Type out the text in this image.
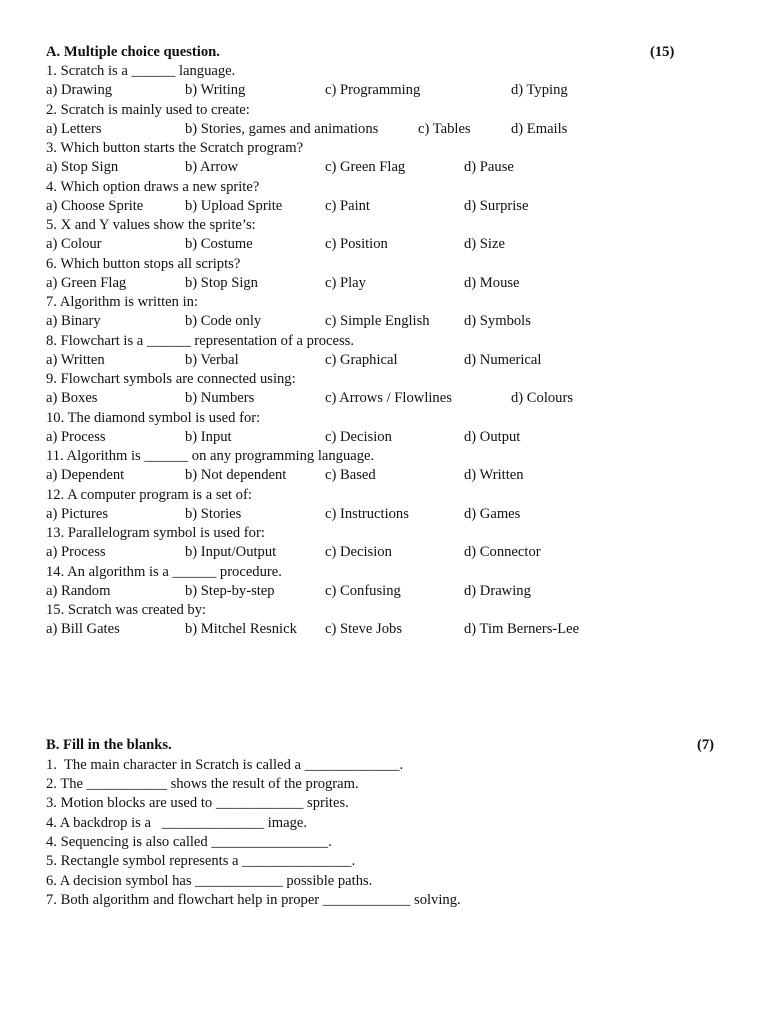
A. Multiple choice question.	(15)
1. Scratch is a ______ language.
a) Drawing	b) Writing	c) Programming	d) Typing
2. Scratch is mainly used to create:
a) Letters	b) Stories, games and animations	c) Tables	d) Emails
3. Which button starts the Scratch program?
a) Stop Sign	b) Arrow	c) Green Flag	d) Pause
4. Which option draws a new sprite?
a) Choose Sprite	b) Upload Sprite	c) Paint	d) Surprise
5. X and Y values show the sprite’s:
a) Colour	b) Costume	c) Position	d) Size
6. Which button stops all scripts?
a) Green Flag	b) Stop Sign	c) Play	d) Mouse
7. Algorithm is written in:
a) Binary	b) Code only	c) Simple English d) Symbols
8. Flowchart is a ______ representation of a process.
a) Written	b) Verbal	c) Graphical	d) Numerical
9. Flowchart symbols are connected using:
a) Boxes	b) Numbers	c) Arrows / Flowlines	d) Colours
10. The diamond symbol is used for:
a) Process	b) Input	c) Decision	d) Output
11. Algorithm is ______ on any programming language.
a) Dependent	b) Not dependent	c) Based	d) Written
12. A computer program is a set of:
a) Pictures	b) Stories	c) Instructions	d) Games
13. Parallelogram symbol is used for:
a) Process	b) Input/Output	c) Decision	d) Connector
14. An algorithm is a ______ procedure.
a) Random	b) Step-by-step	c) Confusing	d) Drawing
15. Scratch was created by:
a) Bill Gates	b) Mitchel Resnick c) Steve Jobs	d) Tim Berners-Lee
B. Fill in the blanks.	(7)
1.  The main character in Scratch is called a _____________.
2. The ___________ shows the result of the program.
3. Motion blocks are used to ____________ sprites.
4. A backdrop is a   ______________ image.
4. Sequencing is also called ________________.
5. Rectangle symbol represents a _______________.
6. A decision symbol has ____________ possible paths.
7. Both algorithm and flowchart help in proper ____________ solving.
